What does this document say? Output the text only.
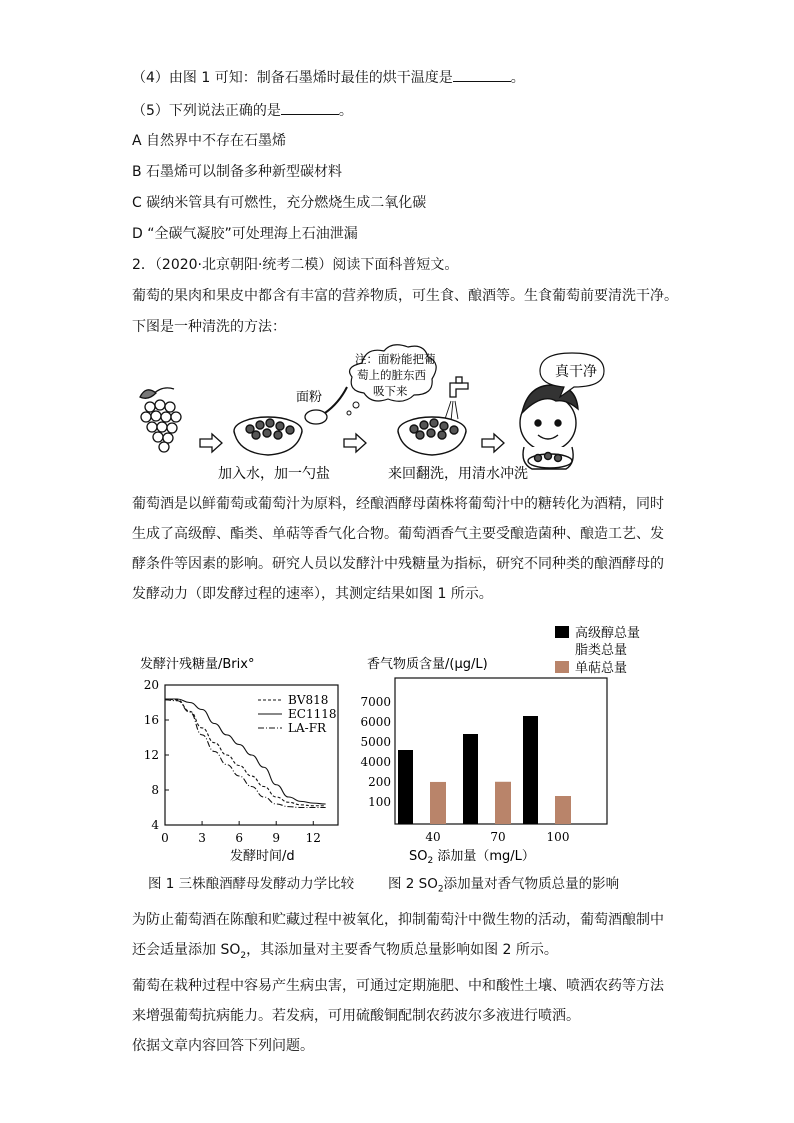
（4）由图 1 可知：制备石墨烯时最佳的烘干温度是	。
（5）下列说法正确的是	。
A 自然界中不存在石墨烯
B 石墨烯可以制备多种新型碳材料
C 碳纳米管具有可燃性，充分燃烧生成二氧化碳
D “全碳气凝胶”可处理海上石油泄漏
2．（2020·北京朝阳·统考二模）阅读下面科普短文。
葡萄的果肉和果皮中都含有丰富的营养物质，可生食、酿酒等。生食葡萄前要清洗干净。
下图是一种清洗的方法：
面粉
注：面粉能把葡
萄上的脏东西
吸下来
真干净
加入水，加一勺盐	来回翻洗，用清水冲洗

葡萄酒是以鲜葡萄或葡萄汁为原料，经酿酒酵母菌株将葡萄汁中的糖转化为酒精，同时

生成了高级醇、酯类、单萜等香气化合物。葡萄酒香气主要受酿造菌种、酿造工艺、发

酵条件等因素的影响。研究人员以发酵汁中残糖量为指标，研究不同种类的酿酒酵母的

发酵动力（即发酵过程的速率），其测定结果如图 1 所示。

发酵汁残糖量/Brix°
4
8
12
16
20
0 3 6 9 12
BV818
EC1118
LA-FR
发酵时间/d
高级醇总量
脂类总量
单萜总量
香气物质含量/(μg/L)
100
200
4000
5000
6000
7000
40	70	100
$SO_2$ 添加量（mg/L）
图 1 三株酿酒酵母发酵动力学比较	图 2 $SO_2$添加量对香气物质总量的影响

为防止葡萄酒在陈酿和贮藏过程中被氧化，抑制葡萄汁中微生物的活动，葡萄酒酿制中

还会适量添加 $SO_2$，其添加量对主要香气物质总量影响如图 2 所示。

葡萄在栽种过程中容易产生病虫害，可通过定期施肥、中和酸性土壤、喷洒农药等方法

来增强葡萄抗病能力。若发病，可用硫酸铜配制农药波尔多液进行喷洒。

依据文章内容回答下列问题。
